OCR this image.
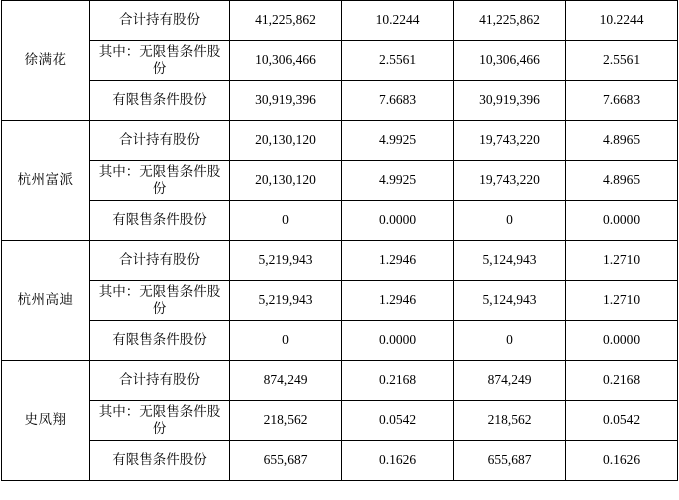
徐满花	合计持有股份	41,225,862	10.2244	41,225,862	10.2244
	其中：无限售条件股份	10,306,466	2.5561	10,306,466	2.5561
	有限售条件股份	30,919,396	7.6683	30,919,396	7.6683
杭州富派	合计持有股份	20,130,120	4.9925	19,743,220	4.8965
	其中：无限售条件股份	20,130,120	4.9925	19,743,220	4.8965
	有限售条件股份	0	0.0000	0	0.0000
杭州高迪	合计持有股份	5,219,943	1.2946	5,124,943	1.2710
	其中：无限售条件股份	5,219,943	1.2946	5,124,943	1.2710
	有限售条件股份	0	0.0000	0	0.0000
史凤翔	合计持有股份	874,249	0.2168	874,249	0.2168
	其中：无限售条件股份	218,562	0.0542	218,562	0.0542
	有限售条件股份	655,687	0.1626	655,687	0.1626
